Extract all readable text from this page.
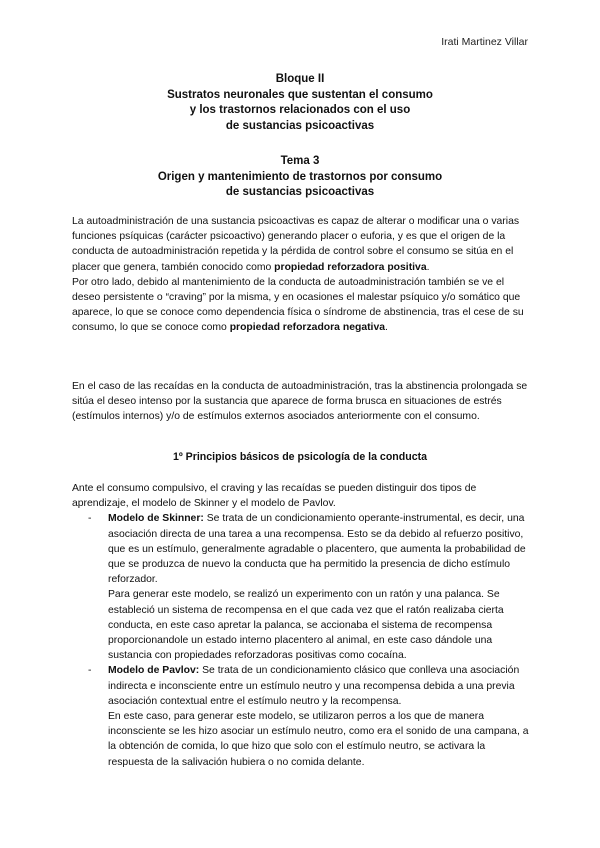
Irati Martinez Villar
Bloque II
Sustratos neuronales que sustentan el consumo
y los trastornos relacionados con el uso
de sustancias psicoactivas
Tema 3
Origen y mantenimiento de trastornos por consumo
de sustancias psicoactivas

La autoadministración de una sustancia psicoactivas es capaz de alterar o modificar una o varias funciones psíquicas (carácter psicoactivo) generando placer o euforia, y es que el origen de la conducta de autoadministración repetida y la pérdida de control sobre el consumo se sitúa en el placer que genera, también conocido como propiedad reforzadora positiva.

Por otro lado, debido al mantenimiento de la conducta de autoadministración también se ve el deseo persistente o “craving” por la misma, y en ocasiones el malestar psíquico y/o somático que aparece, lo que se conoce como dependencia física o síndrome de abstinencia, tras el cese de su consumo, lo que se conoce como propiedad reforzadora negativa.

En el caso de las recaídas en la conducta de autoadministración, tras la abstinencia prolongada se sitúa el deseo intenso por la sustancia que aparece de forma brusca en situaciones de estrés (estímulos internos) y/o de estímulos externos asociados anteriormente con el consumo.

1º Principios básicos de psicología de la conducta

Ante el consumo compulsivo, el craving y las recaídas se pueden distinguir dos tipos de aprendizaje, el modelo de Skinner y el modelo de Pavlov.

- Modelo de Skinner: Se trata de un condicionamiento operante-instrumental, es decir, una asociación directa de una tarea a una recompensa. Esto se da debido al refuerzo positivo, que es un estímulo, generalmente agradable o placentero, que aumenta la probabilidad de que se produzca de nuevo la conducta que ha permitido la presencia de dicho estímulo reforzador.

Para generar este modelo, se realizó un experimento con un ratón y una palanca. Se estableció un sistema de recompensa en el que cada vez que el ratón realizaba cierta conducta, en este caso apretar la palanca, se accionaba el sistema de recompensa proporcionandole un estado interno placentero al animal, en este caso dándole una sustancia con propiedades reforzadoras positivas como cocaína.

- Modelo de Pavlov: Se trata de un condicionamiento clásico que conlleva una asociación indirecta e inconsciente entre un estímulo neutro y una recompensa debida a una previa asociación contextual entre el estímulo neutro y la recompensa.

En este caso, para generar este modelo, se utilizaron perros a los que de manera inconsciente se les hizo asociar un estímulo neutro, como era el sonido de una campana, a la obtención de comida, lo que hizo que solo con el estímulo neutro, se activara la respuesta de la salivación hubiera o no comida delante.
